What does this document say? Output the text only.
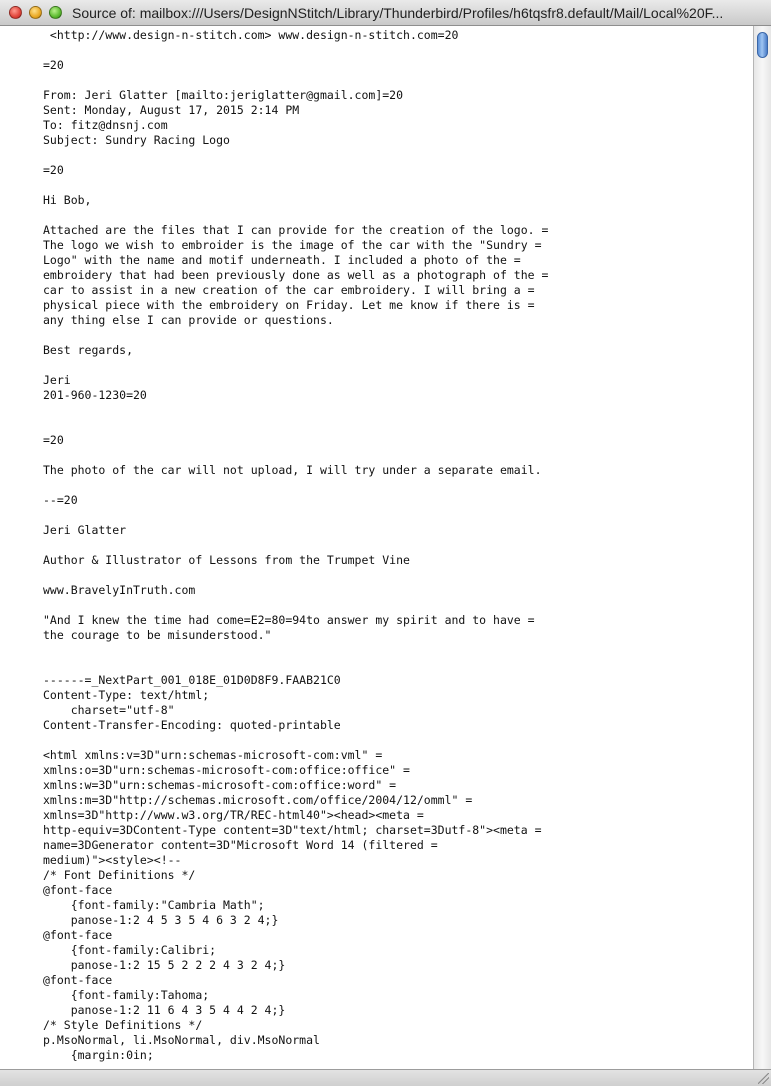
Source of: mailbox:///Users/DesignNStitch/Library/Thunderbird/Profiles/h6tqsfr8.default/Mail/Local%20F...
<http://www.design-n-stitch.com> www.design-n-stitch.com=20

=20

From: Jeri Glatter [mailto:jeriglatter@gmail.com]=20
Sent: Monday, August 17, 2015 2:14 PM
To: fitz@dnsnj.com
Subject: Sundry Racing Logo

=20

Hi Bob,

Attached are the files that I can provide for the creation of the logo. =
The logo we wish to embroider is the image of the car with the "Sundry =
Logo" with the name and motif underneath. I included a photo of the =
embroidery that had been previously done as well as a photograph of the =
car to assist in a new creation of the car embroidery. I will bring a =
physical piece with the embroidery on Friday. Let me know if there is =
any thing else I can provide or questions.

Best regards,

Jeri
201-960-1230=20

=20

The photo of the car will not upload, I will try under a separate email.

--=20

Jeri Glatter

Author & Illustrator of Lessons from the Trumpet Vine

www.BravelyInTruth.com

"And I knew the time had come=E2=80=94to answer my spirit and to have =
the courage to be misunderstood."

------=_NextPart_001_018E_01D0D8F9.FAAB21C0
Content-Type: text/html;
charset="utf-8"
Content-Transfer-Encoding: quoted-printable

<html xmlns:v=3D"urn:schemas-microsoft-com:vml" =
xmlns:o=3D"urn:schemas-microsoft-com:office:office" =
xmlns:w=3D"urn:schemas-microsoft-com:office:word" =
xmlns:m=3D"http://schemas.microsoft.com/office/2004/12/omml" =
xmlns=3D"http://www.w3.org/TR/REC-html40"><head><meta =
http-equiv=3DContent-Type content=3D"text/html; charset=3Dutf-8"><meta =
name=3DGenerator content=3D"Microsoft Word 14 (filtered =
medium)"><style><!--
/* Font Definitions */
@font-face
{font-family:"Cambria Math";
panose-1:2 4 5 3 5 4 6 3 2 4;}
@font-face
{font-family:Calibri;
panose-1:2 15 5 2 2 2 4 3 2 4;}
@font-face
{font-family:Tahoma;
panose-1:2 11 6 4 3 5 4 4 2 4;}
/* Style Definitions */
p.MsoNormal, li.MsoNormal, div.MsoNormal
{margin:0in;
